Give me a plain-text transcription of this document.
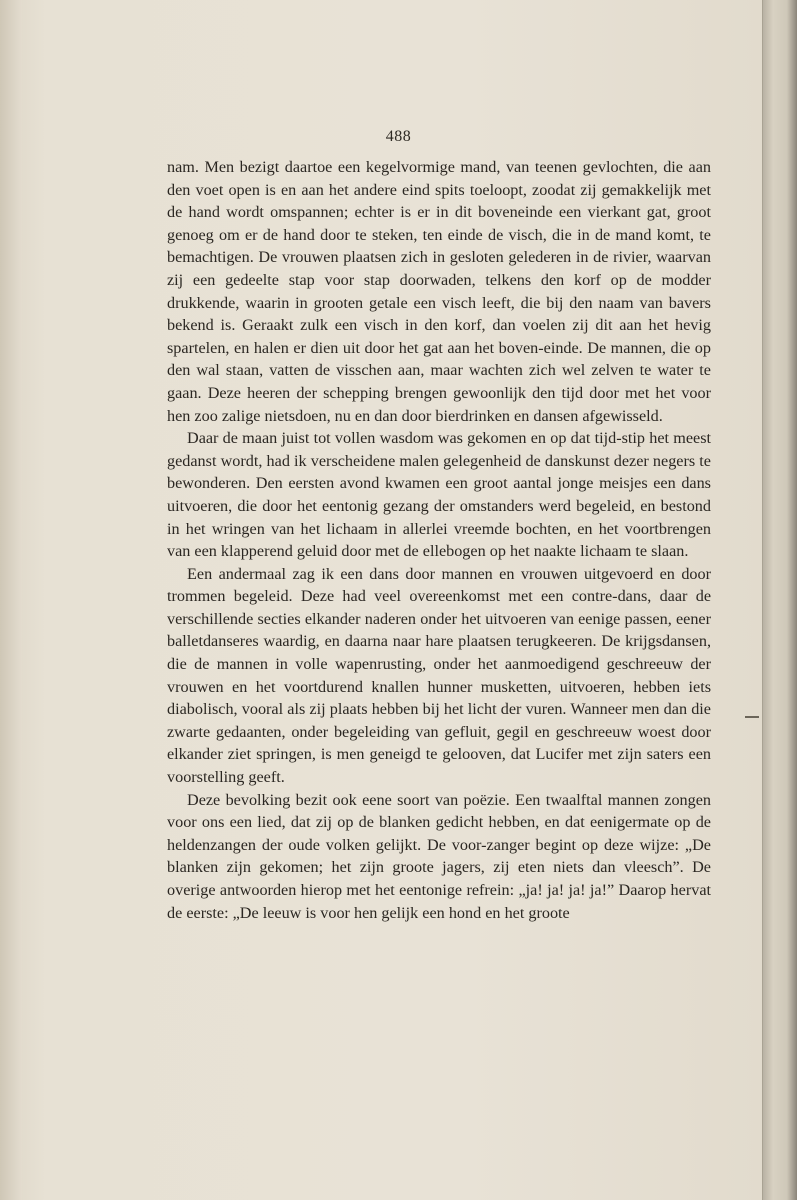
488

nam. Men bezigt daartoe een kegelvormige mand, van teenen gevlochten, die aan den voet open is en aan het andere eind spits toeloopt, zoodat zij gemakkelijk met de hand wordt omspannen; echter is er in dit boveneinde een vierkant gat, groot genoeg om er de hand door te steken, ten einde de visch, die in de mand komt, te bemachtigen. De vrouwen plaatsen zich in gesloten gelederen in de rivier, waarvan zij een gedeelte stap voor stap doorwaden, telkens den korf op de modder drukkende, waarin in grooten getale een visch leeft, die bij den naam van bavers bekend is. Geraakt zulk een visch in den korf, dan voelen zij dit aan het hevig spartelen, en halen er dien uit door het gat aan het boven-einde. De mannen, die op den wal staan, vatten de visschen aan, maar wachten zich wel zelven te water te gaan. Deze heeren der schepping brengen gewoonlijk den tijd door met het voor hen zoo zalige nietsdoen, nu en dan door bierdrinken en dansen afgewisseld.

Daar de maan juist tot vollen wasdom was gekomen en op dat tijd-stip het meest gedanst wordt, had ik verscheidene malen gelegenheid de danskunst dezer negers te bewonderen. Den eersten avond kwamen een groot aantal jonge meisjes een dans uitvoeren, die door het eentonig gezang der omstanders werd begeleid, en bestond in het wringen van het lichaam in allerlei vreemde bochten, en het voortbrengen van een klapperend geluid door met de ellebogen op het naakte lichaam te slaan.

Een andermaal zag ik een dans door mannen en vrouwen uitgevoerd en door trommen begeleid. Deze had veel overeenkomst met een contre-dans, daar de verschillende secties elkander naderen onder het uitvoeren van eenige passen, eener balletdanseres waardig, en daarna naar hare plaatsen terugkeeren. De krijgsdansen, die de mannen in volle wapenrusting, onder het aanmoedigend geschreeuw der vrouwen en het voortdurend knallen hunner musketten, uitvoeren, hebben iets diabolisch, vooral als zij plaats hebben bij het licht der vuren. Wanneer men dan die zwarte gedaanten, onder begeleiding van gefluit, gegil en geschreeuw woest door elkander ziet springen, is men geneigd te gelooven, dat Lucifer met zijn saters een voorstelling geeft.

Deze bevolking bezit ook eene soort van poëzie. Een twaalftal mannen zongen voor ons een lied, dat zij op de blanken gedicht hebben, en dat eenigermate op de heldenzangen der oude volken gelijkt. De voor-zanger begint op deze wijze: „De blanken zijn gekomen; het zijn groote jagers, zij eten niets dan vleesch”. De overige antwoorden hierop met het eentonige refrein: „ja! ja! ja! ja!” Daarop hervat de eerste: „De leeuw is voor hen gelijk een hond en het groote
